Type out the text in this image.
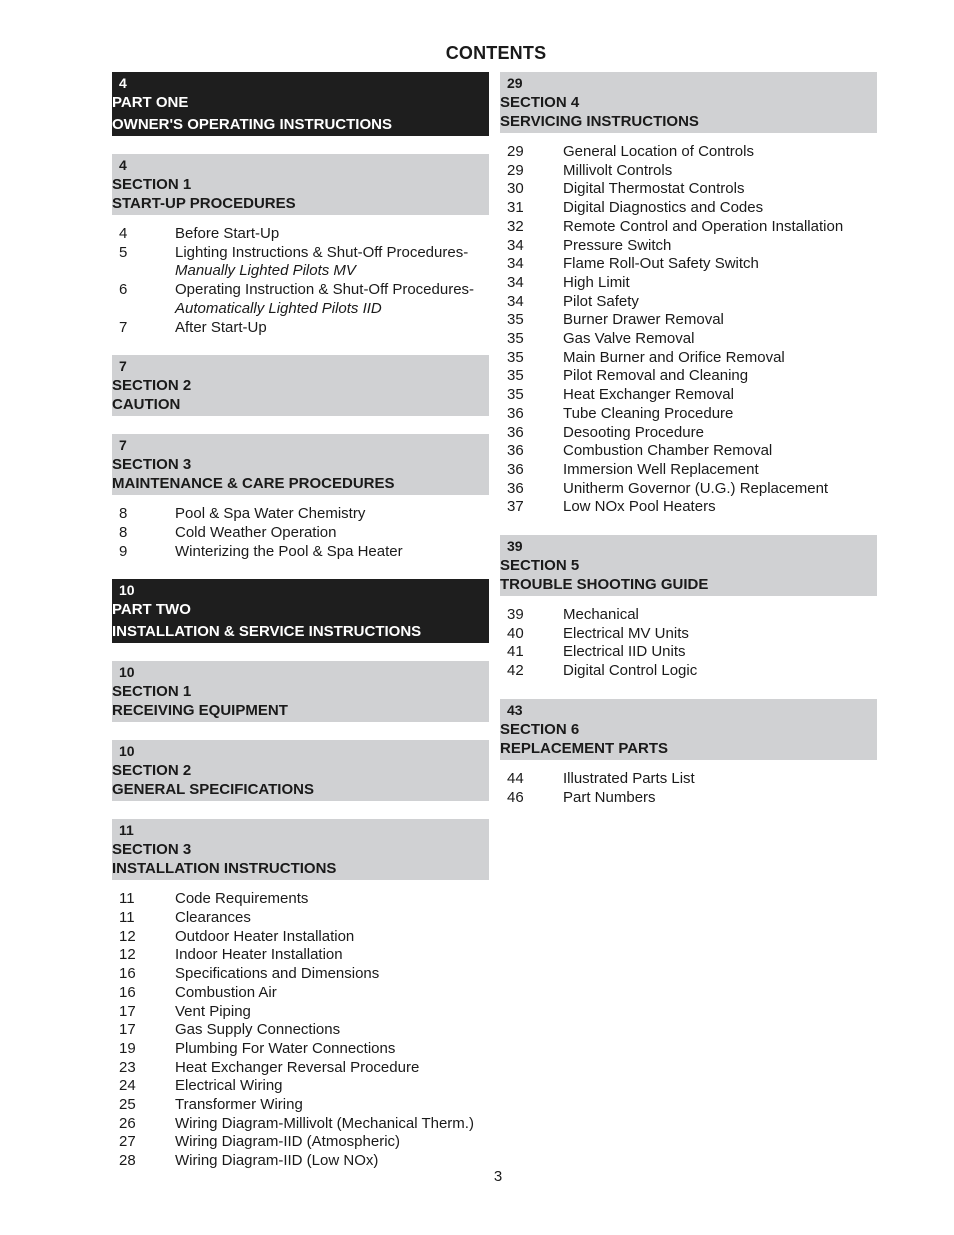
CONTENTS
4
PART ONE
OWNER'S OPERATING INSTRUCTIONS
4
SECTION 1
START-UP PROCEDURES
4	Before Start-Up
5	Lighting Instructions & Shut-Off Procedures-
Manually Lighted Pilots MV
6	Operating Instruction & Shut-Off Procedures-
Automatically Lighted Pilots IID
7	After Start-Up
7
SECTION 2
CAUTION
7
SECTION 3
MAINTENANCE & CARE PROCEDURES
8	Pool & Spa Water Chemistry
8	Cold Weather Operation
9	Winterizing the Pool & Spa Heater
10
PART TWO
INSTALLATION & SERVICE INSTRUCTIONS
10
SECTION 1
RECEIVING EQUIPMENT
10
SECTION 2
GENERAL SPECIFICATIONS
11
SECTION 3
INSTALLATION INSTRUCTIONS
11	Code Requirements
11	Clearances
12	Outdoor Heater Installation
12	Indoor Heater Installation
16	Specifications and Dimensions
16	Combustion Air
17	Vent Piping
17	Gas Supply Connections
19	Plumbing For Water Connections
23	Heat Exchanger Reversal Procedure
24	Electrical Wiring
25	Transformer Wiring
26	Wiring Diagram-Millivolt (Mechanical Therm.)
27	Wiring Diagram-IID (Atmospheric)
28	Wiring Diagram-IID (Low NOx)
29
SECTION 4
SERVICING INSTRUCTIONS
29	General Location of Controls
29	Millivolt Controls
30	Digital Thermostat Controls
31	Digital Diagnostics and Codes
32	Remote Control and Operation Installation
34	Pressure Switch
34	Flame Roll-Out Safety Switch
34	High Limit
34	Pilot Safety
35	Burner Drawer Removal
35	Gas Valve Removal
35	Main Burner and Orifice Removal
35	Pilot Removal and Cleaning
35	Heat Exchanger Removal
36	Tube Cleaning Procedure
36	Desooting Procedure
36	Combustion Chamber Removal
36	Immersion Well Replacement
36	Unitherm Governor (U.G.) Replacement
37	Low NOx Pool Heaters
39
SECTION 5
TROUBLE SHOOTING GUIDE
39	Mechanical
40	Electrical MV Units
41	Electrical IID Units
42	Digital Control Logic
43
SECTION 6
REPLACEMENT PARTS
44	Illustrated Parts List
46	Part Numbers
3
